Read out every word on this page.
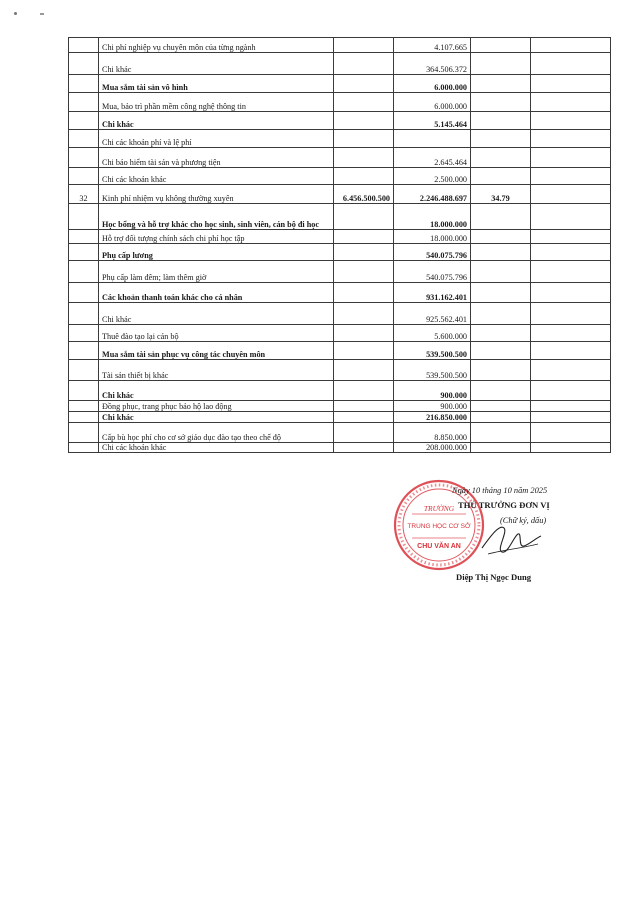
	Chi phí nghiệp vụ chuyên môn của từng ngành		4.107.665		
	Chi khác		364.506.372		
	Mua sắm tài sản vô hình		6.000.000		
	Mua, bảo trì phần mềm công nghệ thông tin		6.000.000		
	Chi khác		5.145.464		
	Chi các khoản phí và lệ phí				
	Chi bảo hiểm tài sản và phương tiện		2.645.464		
	Chi các khoản khác		2.500.000		
32	Kinh phí nhiệm vụ không thường xuyên	6.456.500.500	2.246.488.697	34.79	
	Học bổng và hỗ trợ khác cho học sinh, sinh viên, cán bộ đi học		18.000.000		
	Hỗ trợ đối tượng chính sách chi phí học tập		18.000.000		
	Phụ cấp lương		540.075.796		
	Phụ cấp làm đêm; làm thêm giờ		540.075.796		
	Các khoản thanh toán khác cho cá nhân		931.162.401		
	Chi khác		925.562.401		
	Thuê đào tạo lại cán bộ		5.600.000		
	Mua sắm tài sản phục vụ công tác chuyên môn		539.500.500		
	Tài sản thiết bị khác		539.500.500		
	Chi khác		900.000		
	Đồng phục, trang phục bảo hộ lao động		900.000		
	Chi khác		216.850.000		
	Cấp bù học phí cho cơ sở giáo dục đào tạo theo chế độ		8.850.000		
	Chi các khoản khác		208.000.000		
TRƯỜNG
TRUNG HỌC CƠ SỞ
CHU VĂN AN
Ngày 10 tháng 10 năm 2025
THỦ TRƯỞNG ĐƠN VỊ
(Chữ ký, dấu)
Diệp Thị Ngọc Dung
